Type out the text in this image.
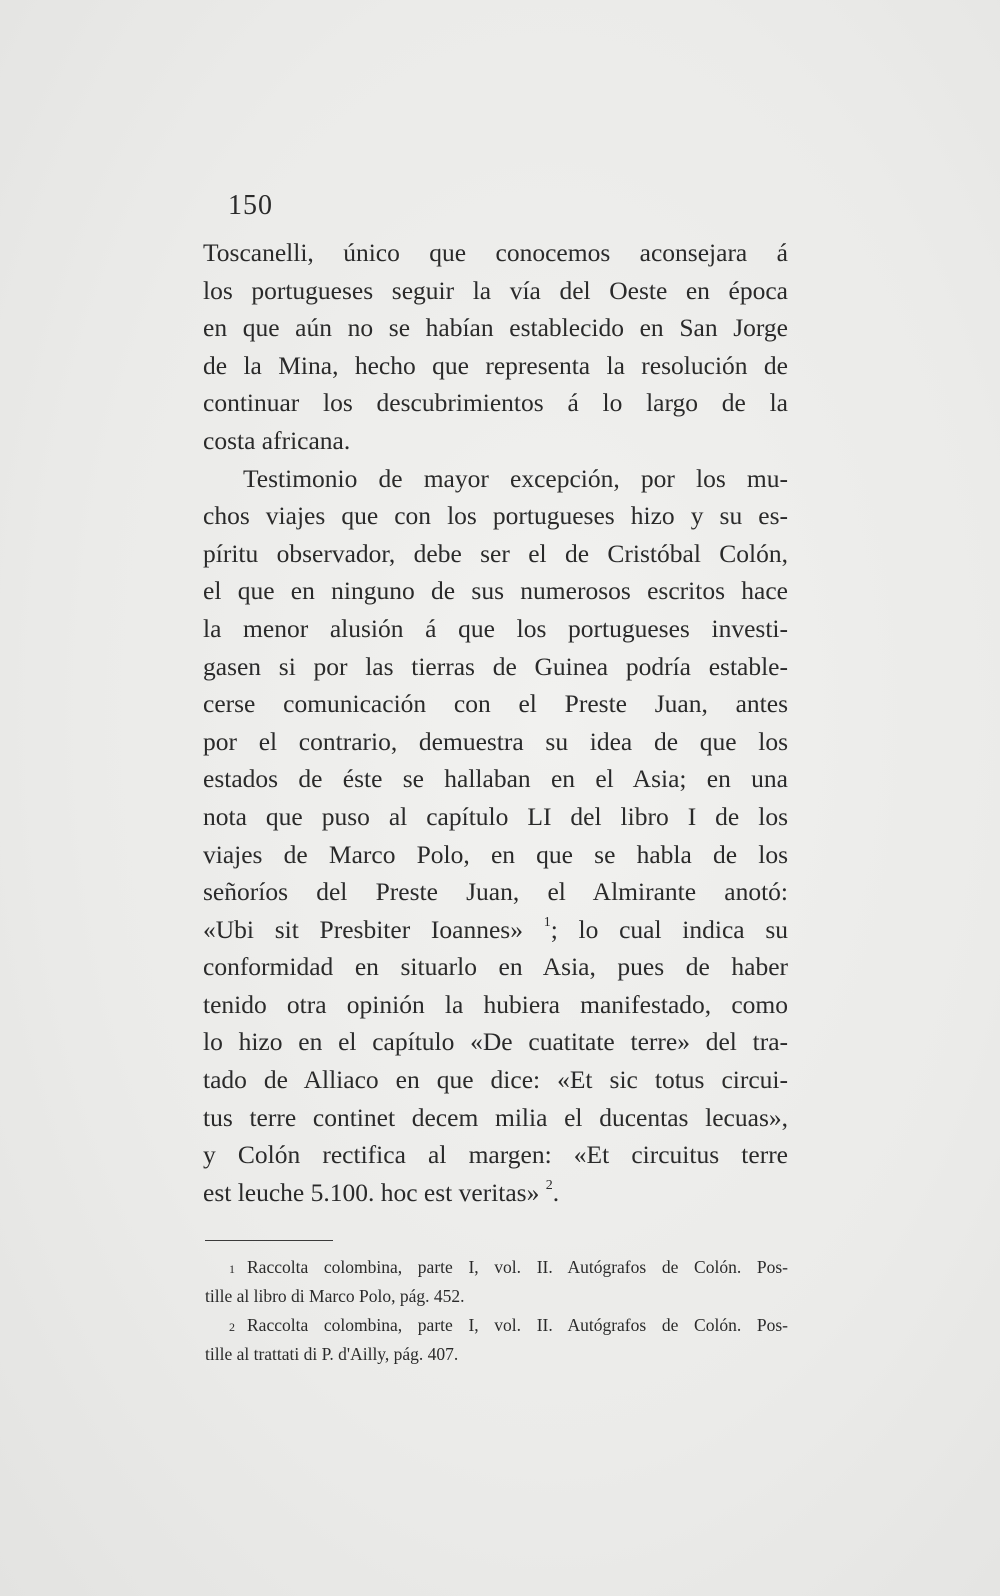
150
Toscanelli, único que conocemos aconsejara á
los portugueses seguir la vía del Oeste en época
en que aún no se habían establecido en San Jorge
de la Mina, hecho que representa la resolución de
continuar los descubrimientos á lo largo de la
costa africana.
Testimonio de mayor excepción, por los mu-
chos viajes que con los portugueses hizo y su es-
píritu observador, debe ser el de Cristóbal Colón,
el que en ninguno de sus numerosos escritos hace
la menor alusión á que los portugueses investi-
gasen si por las tierras de Guinea podría estable-
cerse comunicación con el Preste Juan, antes
por el contrario, demuestra su idea de que los
estados de éste se hallaban en el Asia; en una
nota que puso al capítulo LI del libro I de los
viajes de Marco Polo, en que se habla de los
señoríos del Preste Juan, el Almirante anotó:
«Ubi sit Presbiter Ioannes» $^1$; lo cual indica su
conformidad en situarlo en Asia, pues de haber
tenido otra opinión la hubiera manifestado, como
lo hizo en el capítulo «De cuatitate terre» del tra-
tado de Alliaco en que dice: «Et sic totus circui-
tus terre continet decem milia el ducentas lecuas»,
y Colón rectifica al margen: «Et circuitus terre
est leuche 5.100. hoc est veritas» $^2$.
1 Raccolta colombina, parte I, vol. II. Autógrafos de Colón. Pos-
tille al libro di Marco Polo, pág. 452.
2 Raccolta colombina, parte I, vol. II. Autógrafos de Colón. Pos-
tille al trattati di P. d'Ailly, pág. 407.
